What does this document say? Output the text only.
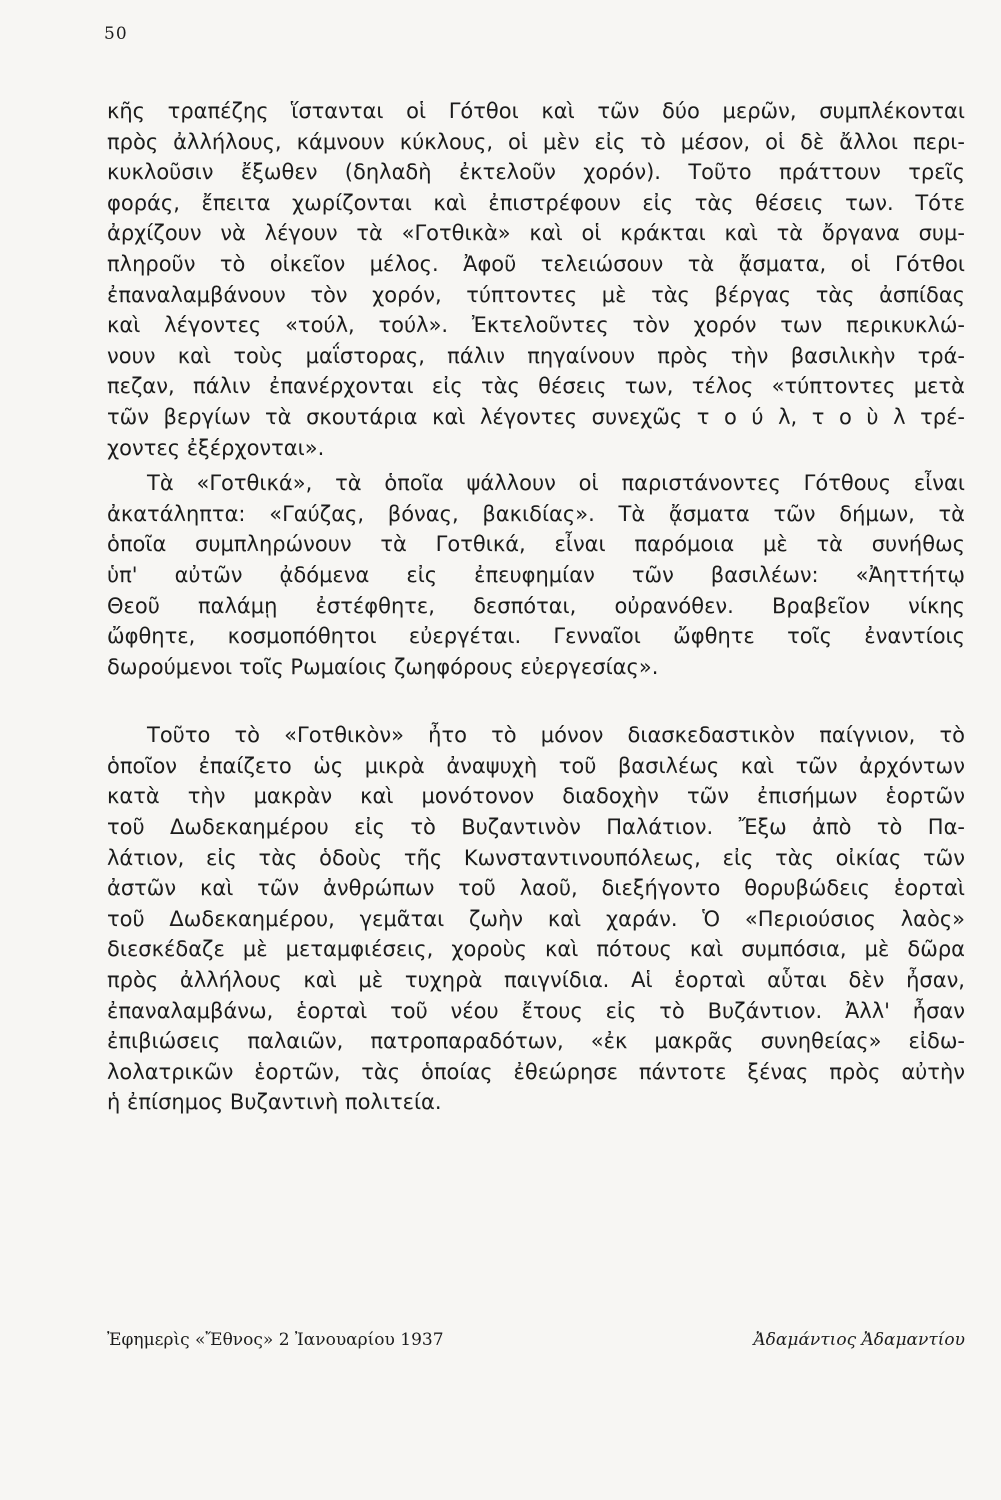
50

κῆς τραπέζης ἵστανται οἱ Γότθοι καὶ τῶν δύο μερῶν, συμπλέκονται
πρὸς ἀλλήλους, κάμνουν κύκλους, οἱ μὲν εἰς τὸ μέσον, οἱ δὲ ἄλλοι περι-
κυκλοῦσιν ἔξωθεν (δηλαδὴ ἐκτελοῦν χορόν). Τοῦτο πράττουν τρεῖς
φοράς, ἔπειτα χωρίζονται καὶ ἐπιστρέφουν εἰς τὰς θέσεις των. Τότε
ἀρχίζουν νὰ λέγουν τὰ «Γοτθικὰ» καὶ οἱ κράκται καὶ τὰ ὄργανα συμ-
πληροῦν τὸ οἰκεῖον μέλος. Ἀφοῦ τελειώσουν τὰ ᾄσματα, οἱ Γότθοι
ἐπαναλαμβάνουν τὸν χορόν, τύπτοντες μὲ τὰς βέργας τὰς ἀσπίδας
καὶ λέγοντες «τούλ, τούλ». Ἐκτελοῦντες τὸν χορόν των περικυκλώ-
νουν καὶ τοὺς μαΐστορας, πάλιν πηγαίνουν πρὸς τὴν βασιλικὴν τρά-
πεζαν, πάλιν ἐπανέρχονται εἰς τὰς θέσεις των, τέλος «τύπτοντες μετὰ
τῶν βεργίων τὰ σκουτάρια καὶ λέγοντες συνεχῶς τ ο ύ λ, τ ο ὺ λ τρέ-
χοντες ἐξέρχονται».

Τὰ «Γοτθικά», τὰ ὁποῖα ψάλλουν οἱ παριστάνοντες Γότθους εἶναι
ἀκατάληπτα: «Γαύζας, βόνας, βακιδίας». Τὰ ᾄσματα τῶν δήμων, τὰ
ὁποῖα συμπληρώνουν τὰ Γοτθικά, εἶναι παρόμοια μὲ τὰ συνήθως
ὑπ' αὐτῶν ᾀδόμενα εἰς ἐπευφημίαν τῶν βασιλέων: «Ἀηττήτῳ
Θεοῦ παλάμῃ ἐστέφθητε, δεσπόται, οὐρανόθεν. Βραβεῖον νίκης
ὤφθητε, κοσμοπόθητοι εὐεργέται. Γενναῖοι ὤφθητε τοῖς ἐναντίοις
δωρούμενοι τοῖς Ρωμαίοις ζωηφόρους εὐεργεσίας».

Τοῦτο τὸ «Γοτθικὸν» ἦτο τὸ μόνον διασκεδαστικὸν παίγνιον, τὸ
ὁποῖον ἐπαίζετο ὡς μικρὰ ἀναψυχὴ τοῦ βασιλέως καὶ τῶν ἀρχόντων
κατὰ τὴν μακρὰν καὶ μονότονον διαδοχὴν τῶν ἐπισήμων ἑορτῶν
τοῦ Δωδεκαημέρου εἰς τὸ Βυζαντινὸν Παλάτιον. Ἔξω ἀπὸ τὸ Πα-
λάτιον, εἰς τὰς ὁδοὺς τῆς Κωνσταντινουπόλεως, εἰς τὰς οἰκίας τῶν
ἀστῶν καὶ τῶν ἀνθρώπων τοῦ λαοῦ, διεξήγοντο θορυβώδεις ἑορταὶ
τοῦ Δωδεκαημέρου, γεμᾶται ζωὴν καὶ χαράν. Ὁ «Περιούσιος λαὸς»
διεσκέδαζε μὲ μεταμφιέσεις, χοροὺς καὶ πότους καὶ συμπόσια, μὲ δῶρα
πρὸς ἀλλήλους καὶ μὲ τυχηρὰ παιγνίδια. Αἱ ἑορταὶ αὗται δὲν ἦσαν,
ἐπαναλαμβάνω, ἑορταὶ τοῦ νέου ἔτους εἰς τὸ Βυζάντιον. Ἀλλ' ἦσαν
ἐπιβιώσεις παλαιῶν, πατροπαραδότων, «ἐκ μακρᾶς συνηθείας» εἰδω-
λολατρικῶν ἑορτῶν, τὰς ὁποίας ἐθεώρησε πάντοτε ξένας πρὸς αὐτὴν
ἡ ἐπίσημος Βυζαντινὴ πολιτεία.

Ἐφημερὶς «Ἔθνος» 2 Ἰανουαρίου 1937	Ἀδαμάντιος Ἀδαμαντίου
